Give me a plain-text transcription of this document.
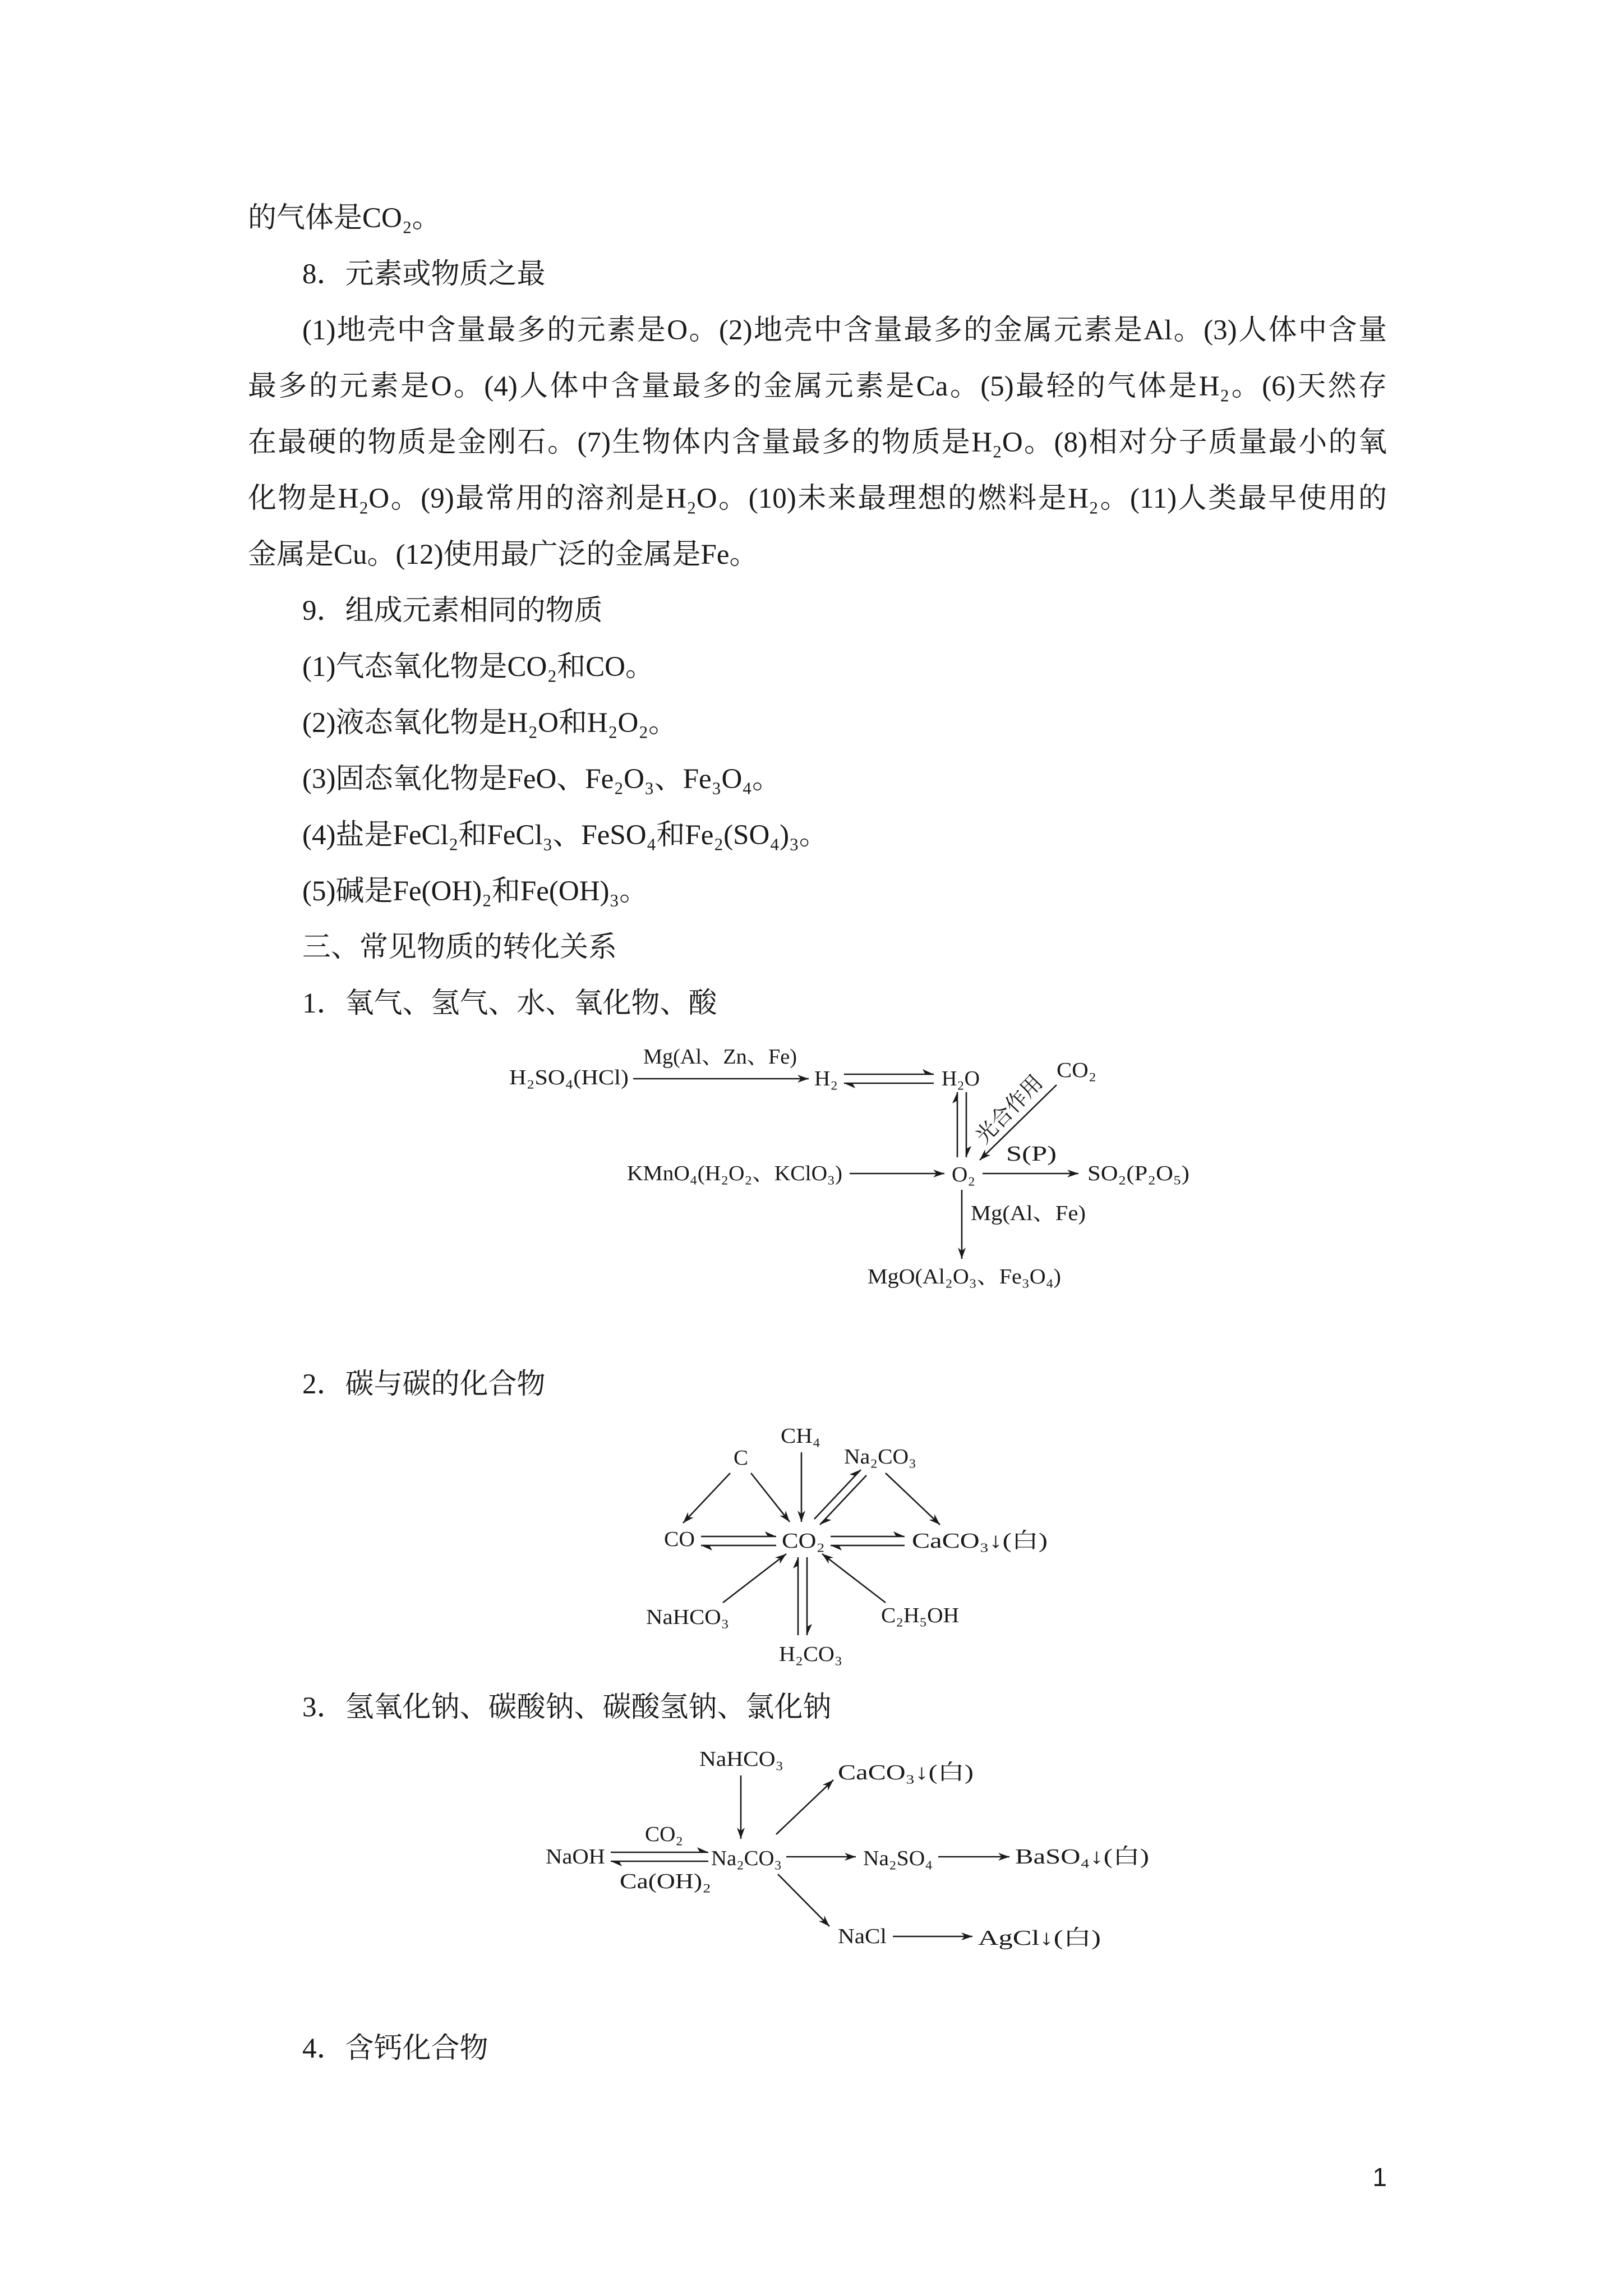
的气体是CO₂。
8．元素或物质之最
(1)地壳中含量最多的元素是O。(2)地壳中含量最多的金属元素是Al。(3)人体中含量
最多的元素是O。(4)人体中含量最多的金属元素是Ca。(5)最轻的气体是H₂。(6)天然存
在最硬的物质是金刚石。(7)生物体内含量最多的物质是H₂O。(8)相对分子质量最小的氧
化物是H₂O。(9)最常用的溶剂是H₂O。(10)未来最理想的燃料是H₂。(11)人类最早使用的
金属是Cu。(12)使用最广泛的金属是Fe。
9．组成元素相同的物质
(1)气态氧化物是CO₂和CO。
(2)液态氧化物是H₂O和H₂O₂。
(3)固态氧化物是FeO、Fe₂O₃、Fe₃O₄。
(4)盐是FeCl₂和FeCl₃、FeSO₄和Fe₂(SO₄)₃。
(5)碱是Fe(OH)₂和Fe(OH)₃。
三、常见物质的转化关系
1．氧气、氢气、水、氧化物、酸
H₂SO₄(HCl)
Mg(Al、Zn、Fe)
H₂	H₂O	CO₂
光合作用
KMnO₄(H₂O₂、KClO₃)	O₂
S(P)
SO₂(P₂O₅)
Mg(Al、Fe)
MgO(Al₂O₃、Fe₃O₄)
2．碳与碳的化合物
CH₄
C	Na₂CO₃
CO	CO₂	CaCO₃↓(白)
NaHCO₃	C₂H₅OH
H₂CO₃
3．氢氧化钠、碳酸钠、碳酸氢钠、氯化钠
NaHCO₃
CaCO₃↓(白)
NaOH
CO₂
Ca(OH)₂
Na₂CO₃	Na₂SO₄	BaSO₄↓(白)
NaCl	AgCl↓(白)
4．含钙化合物
1
